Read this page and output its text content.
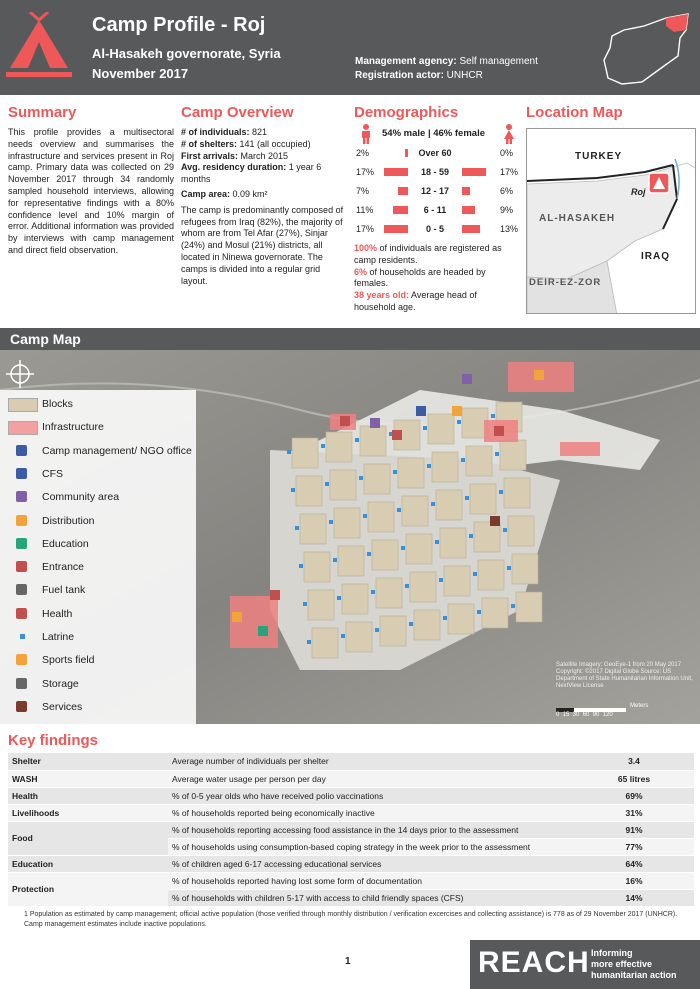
Camp Profile - Roj
Al-Hasakeh governorate, Syria
November 2017
Management agency: Self management
Registration actor: UNHCR
Summary
This profile provides a multisectoral needs overview and summarises the infrastructure and services present in Roj camp. Primary data was collected on 29 November 2017 through 34 randomly sampled household interviews, allowing for representative findings with a 80% confidence level and 10% margin of error. Additional information was provided by interviews with camp management and direct field observation.
Camp Overview
# of individuals: 821
# of shelters: 141 (all occupied)
First arrivals: March 2015
Avg. residency duration: 1 year 6 months
Camp area: 0.09 km²
The camp is predominantly composed of refugees from Iraq (82%), the majority of whom are from Tel Afar (27%), Sinjar (24%) and Mosul (21%) districts, all located in Ninewa governorate. The camps is divided into a regular grid layout.
Demographics
54% male | 46% female
2%	Over 60	0%
17%	18 - 59	17%
7%	12 - 17	6%
11%	6 - 11	9%
17%	0 - 5	13%
100% of individuals are registered as camp residents.
6% of households are headed by females.
38 years old: Average head of household age.
Location Map
TURKEY
Roj
AL-HASAKEH
IRAQ
DEIR-EZ-ZOR
Camp Map
Satellite Imagery: GeoEye-1 from 20 May 2017 Copyright: ©2017 Digital Globe Source: US Department of State Humanitarian Information Unit, NextView License
Meters
0  15  30  60  90  120
Blocks
Infrastructure
Camp management/ NGO office
CFS
Community area
Distribution
Education
Entrance
Fuel tank
Health
Latrine
Sports field
Storage
Services
Key findings
Shelter	Average number of individuals per shelter	3.4
WASH	Average water usage per person per day	65 litres
Health	% of 0-5 year olds who have received polio vaccinations	69%
Livelihoods	% of households reported being economically inactive	31%
Food	% of households reporting accessing food assistance in the 14 days prior to the assessment	91%
	% of households using consumption-based coping strategy in the week prior to the assessment	77%
Education	% of children aged 6-17 accessing educational services	64%
Protection	% of households reported having lost some form of documentation	16%
	% of households with children 5-17 with access to child friendly spaces (CFS)	14%
1 Population as estimated by camp management; official active population (those verified through monthly distribution / verification excercises and collecting assistance) is 778 as of 29 November 2017 (UNHCR). Camp management estimates include inactive populations.
1	REACH Informing
more effective
humanitarian action
